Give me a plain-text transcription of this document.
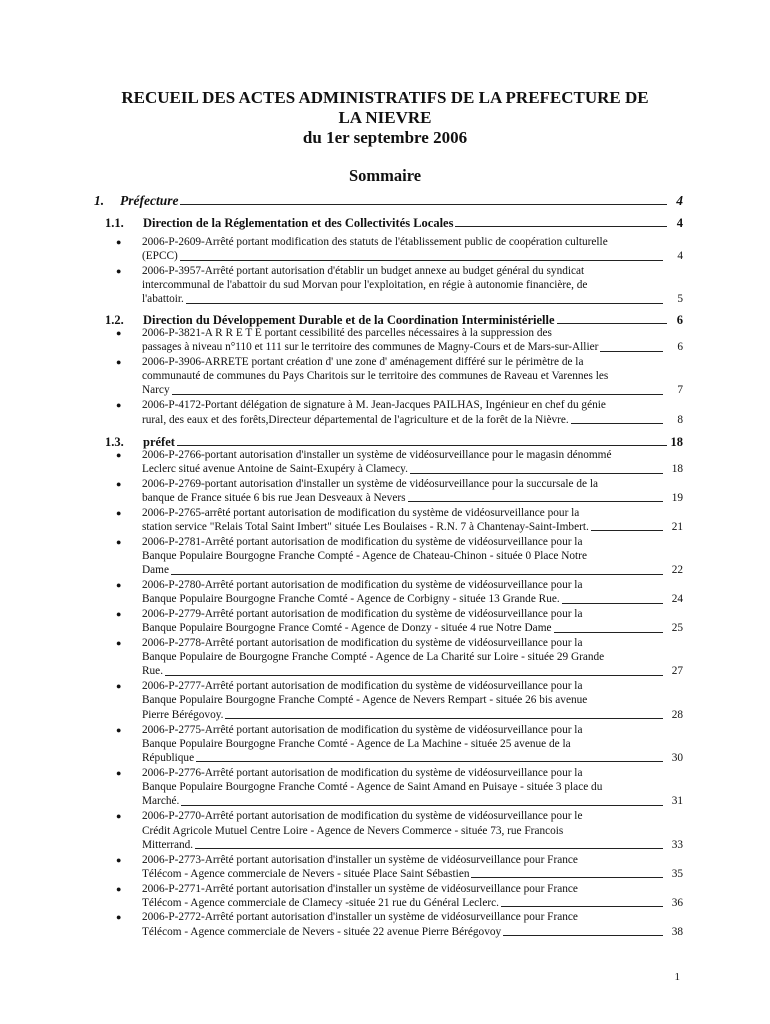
RECUEIL DES ACTES ADMINISTRATIFS DE LA PREFECTURE DE
LA NIEVRE
du 1er septembre 2006
Sommaire
1.	Préfecture	4
1.1.	Direction de la Réglementation et des Collectivités Locales	4
● 2006-P-2609-Arrêté portant modification des statuts de l'établissement public de coopération culturelle
(EPCC)	4
● 2006-P-3957-Arrêté portant autorisation d'établir un budget annexe au budget général du syndicat
intercommunal de l'abattoir du sud Morvan pour l'exploitation, en régie à autonomie financière, de
l'abattoir.	5
1.2.	Direction du Développement Durable et de la Coordination Interministérielle	6
● 2006-P-3821-A R R E T E portant cessibilité des parcelles nécessaires à la suppression des
passages à niveau n°110 et 111 sur le territoire des communes de Magny-Cours et de Mars-sur-Allier	6
● 2006-P-3906-ARRETE portant création d' une zone d' aménagement différé sur le périmètre de la
communauté de communes du Pays Charitois sur le territoire des communes de Raveau et Varennes les
Narcy	7
● 2006-P-4172-Portant délégation de signature à M. Jean-Jacques PAILHAS, Ingénieur en chef du génie
rural, des eaux et des forêts,Directeur départemental de l'agriculture et de la forêt de la Nièvre.	8
1.3.	préfet	18
● 2006-P-2766-portant autorisation d'installer un système de vidéosurveillance pour le magasin dénommé
Leclerc situé avenue Antoine de Saint-Exupéry à Clamecy.	18
● 2006-P-2769-portant autorisation d'installer un système de vidéosurveillance pour la succursale de la
banque de France située 6 bis rue Jean Desveaux à Nevers	19
● 2006-P-2765-arrêté portant autorisation de modification du système de vidéosurveillance pour la
station service "Relais Total Saint Imbert" située Les Boulaises - R.N. 7 à Chantenay-Saint-Imbert.	21
● 2006-P-2781-Arrêté portant autorisation de modification du système de vidéosurveillance pour la
Banque Populaire Bourgogne Franche Compté - Agence de Chateau-Chinon - située 0 Place Notre
Dame	22
● 2006-P-2780-Arrêté portant autorisation de modification du système de vidéosurveillance pour la
Banque Populaire Bourgogne Franche Comté - Agence de Corbigny - située 13 Grande Rue.	24
● 2006-P-2779-Arrêté portant autorisation de modification du système de vidéosurveillance pour la
Banque Populaire Bourgogne France Comté - Agence de Donzy - située 4 rue Notre Dame	25
● 2006-P-2778-Arrêté portant autorisation de modification du système de vidéosurveillance pour la
Banque Populaire de Bourgogne Franche Compté - Agence de La Charité sur Loire - située 29 Grande
Rue.	27
● 2006-P-2777-Arrêté portant autorisation de modification du système de vidéosurveillance pour la
Banque Populaire Bourgogne Franche Compté - Agence de Nevers Rempart - située 26 bis avenue
Pierre Bérégovoy.	28
● 2006-P-2775-Arrêté portant autorisation de modification du système de vidéosurveillance pour la
Banque Populaire Bourgogne Franche Comté - Agence de La Machine - située 25 avenue de la
République	30
● 2006-P-2776-Arrêté portant autorisation de modification du système de vidéosurveillance pour la
Banque Populaire Bourgogne Franche Comté - Agence de Saint Amand en Puisaye - située 3 place du
Marché.	31
● 2006-P-2770-Arrêté portant autorisation de modification du système de vidéosurveillance pour le
Crédit Agricole Mutuel Centre Loire - Agence de Nevers Commerce - située 73, rue Francois
Mitterrand.	33
● 2006-P-2773-Arrêté portant autorisation d'installer un système de vidéosurveillance pour France
Télécom - Agence commerciale de Nevers - située Place Saint Sébastien	35
● 2006-P-2771-Arrêté portant autorisation d'installer un système de vidéosurveillance pour France
Télécom - Agence commerciale de Clamecy -située 21 rue du Général Leclerc.	36
● 2006-P-2772-Arrêté portant autorisation d'installer un système de vidéosurveillance pour France
Télécom - Agence commerciale de Nevers - située 22 avenue Pierre Bérégovoy	38
1
